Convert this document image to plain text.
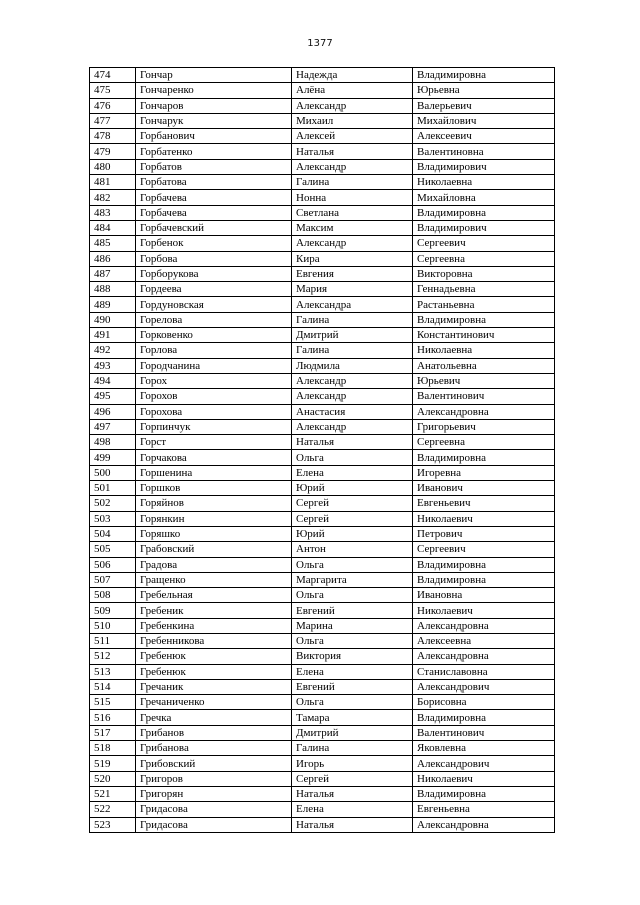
1377
474	Гончар	Надежда	Владимировна
475	Гончаренко	Алёна	Юрьевна
476	Гончаров	Александр	Валерьевич
477	Гончарук	Михаил	Михайлович
478	Горбанович	Алексей	Алексеевич
479	Горбатенко	Наталья	Валентиновна
480	Горбатов	Александр	Владимирович
481	Горбатова	Галина	Николаевна
482	Горбачева	Нонна	Михайловна
483	Горбачева	Светлана	Владимировна
484	Горбачевский	Максим	Владимирович
485	Горбенок	Александр	Сергеевич
486	Горбова	Кира	Сергеевна
487	Горборукова	Евгения	Викторовна
488	Гордеева	Мария	Геннадьевна
489	Гордуновская	Александра	Растаньевна
490	Горелова	Галина	Владимировна
491	Горковенко	Дмитрий	Константинович
492	Горлова	Галина	Николаевна
493	Городчанина	Людмила	Анатольевна
494	Горох	Александр	Юрьевич
495	Горохов	Александр	Валентинович
496	Горохова	Анастасия	Александровна
497	Горпинчук	Александр	Григорьевич
498	Горст	Наталья	Сергеевна
499	Горчакова	Ольга	Владимировна
500	Горшенина	Елена	Игоревна
501	Горшков	Юрий	Иванович
502	Горяйнов	Сергей	Евгеньевич
503	Горянкин	Сергей	Николаевич
504	Горяшко	Юрий	Петрович
505	Грабовский	Антон	Сергеевич
506	Градова	Ольга	Владимировна
507	Гращенко	Маргарита	Владимировна
508	Гребельная	Ольга	Ивановна
509	Гребеник	Евгений	Николаевич
510	Гребенкина	Марина	Александровна
511	Гребенникова	Ольга	Алексеевна
512	Гребенюк	Виктория	Александровна
513	Гребенюк	Елена	Станиславовна
514	Гречаник	Евгений	Александрович
515	Гречаниченко	Ольга	Борисовна
516	Гречка	Тамара	Владимировна
517	Грибанов	Дмитрий	Валентинович
518	Грибанова	Галина	Яковлевна
519	Грибовский	Игорь	Александрович
520	Григоров	Сергей	Николаевич
521	Григорян	Наталья	Владимировна
522	Гридасова	Елена	Евгеньевна
523	Гридасова	Наталья	Александровна
